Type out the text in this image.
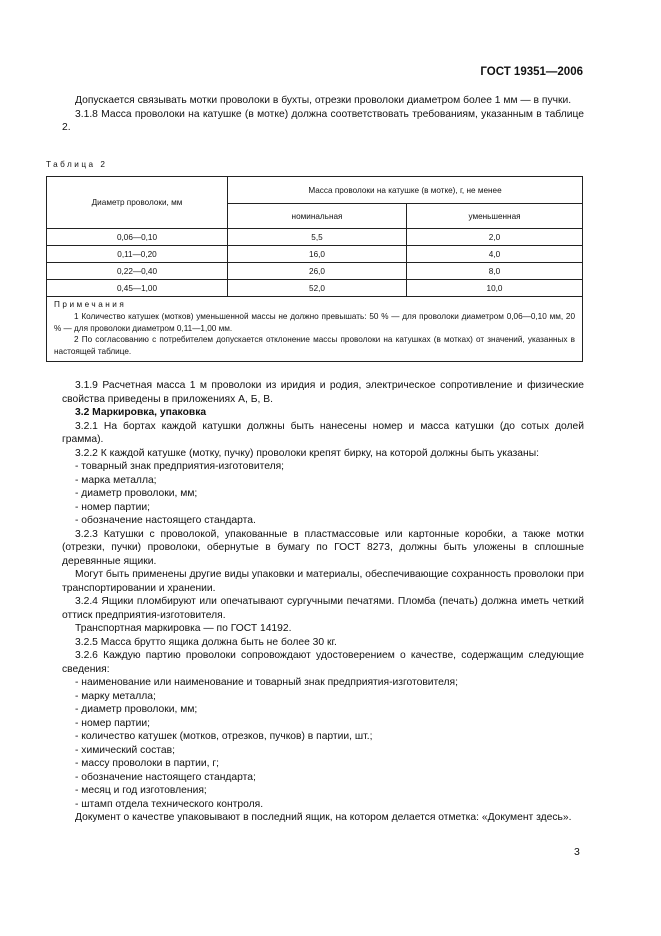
ГОСТ 19351—2006

Допускается связывать мотки проволоки в бухты, отрезки проволоки диаметром более 1 мм — в пучки.

3.1.8 Масса проволоки на катушке (в мотке) должна соответствовать требованиям, указанным в таблице 2.

Таблица 2
Диаметр проволоки, мм	Масса проволоки на катушке (в мотке), г, не менее	
	номинальная	уменьшенная
0,06—0,10	5,5	2,0
0,11—0,20	16,0	4,0
0,22—0,40	26,0	8,0
0,45—1,00	52,0	10,0

Примечания
1 Количество катушек (мотков) уменьшенной массы не должно превышать: 50 % — для проволоки диаметром 0,06—0,10 мм, 20 % — для проволоки диаметром 0,11—1,00 мм.
2 По согласованию с потребителем допускается отклонение массы проволоки на катушках (в мотках) от значений, указанных в настоящей таблице.		

3.1.9 Расчетная масса 1 м проволоки из иридия и родия, электрическое сопротивление и физические свойства приведены в приложениях А, Б, В.

3.2 Маркировка, упаковка

3.2.1 На бортах каждой катушки должны быть нанесены номер и масса катушки (до сотых долей грамма).

3.2.2 К каждой катушке (мотку, пучку) проволоки крепят бирку, на которой должны быть указаны:

- товарный знак предприятия-изготовителя;

- марка металла;

- диаметр проволоки, мм;

- номер партии;

- обозначение настоящего стандарта.

3.2.3 Катушки с проволокой, упакованные в пластмассовые или картонные коробки, а также мотки (отрезки, пучки) проволоки, обернутые в бумагу по ГОСТ 8273, должны быть уложены в сплошные деревянные ящики.

Могут быть применены другие виды упаковки и материалы, обеспечивающие сохранность проволоки при транспортировании и хранении.

3.2.4 Ящики пломбируют или опечатывают сургучными печатями. Пломба (печать) должна иметь четкий оттиск предприятия-изготовителя.

Транспортная маркировка — по ГОСТ 14192.

3.2.5 Масса брутто ящика должна быть не более 30 кг.

3.2.6 Каждую партию проволоки сопровождают удостоверением о качестве, содержащим следующие сведения:

- наименование или наименование и товарный знак предприятия-изготовителя;

- марку металла;

- диаметр проволоки, мм;

- номер партии;

- количество катушек (мотков, отрезков, пучков) в партии, шт.;

- химический состав;

- массу проволоки в партии, г;

- обозначение настоящего стандарта;

- месяц и год изготовления;

- штамп отдела технического контроля.

Документ о качестве упаковывают в последний ящик, на котором делается отметка: «Документ здесь».

3
